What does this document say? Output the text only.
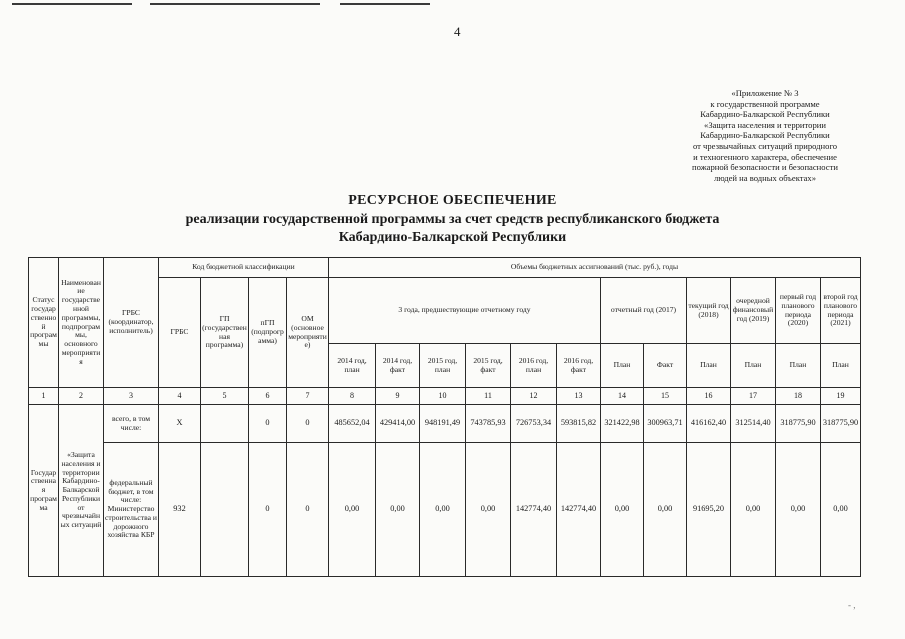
4
«Приложение № 3
к государственной программе
Кабардино-Балкарской Республики
«Защита населения и территории
Кабардино-Балкарской Республики
от чрезвычайных ситуаций природного
и техногенного характера, обеспечение
пожарной безопасности и безопасности
людей на водных объектах»
РЕСУРСНОЕ ОБЕСПЕЧЕНИЕ
реализации государственной программы за счет средств республиканского бюджета
Кабардино-Балкарской Республики
Статус государственной программы	Наименование государственной программы, подпрограммы, основного мероприятия	ГРБС (координатор, исполнитель)	Код бюджетной классификации				Объемы бюджетных ассигнований (тыс. руб.), годы											
			ГРБС	ГП (государственная программа)	пГП (подпрограмма)	ОМ (основное мероприятие)	3 года, предшествующие отчетному году						отчетный год (2017)		текущий год (2018)	очередной финансовый год (2019)	первый год планового периода (2020)	второй год планового периода (2021)
							2014 год, план	2014 год, факт	2015 год, план	2015 год, факт	2016 год, план	2016 год, факт	План	Факт	План	План	План	План
1	2	3	4	5	6	7	8	9	10	11	12	13	14	15	16	17	18	19
Государственная программа	«Защита населения и территории Кабардино-Балкарской Республики от чрезвычайных ситуаций	всего, в том числе:	Х		0	0	485652,04	429414,00	948191,49	743785,93	726753,34	593815,82	321422,98	300963,71	416162,40	312514,40	318775,90	318775,90
		федеральный бюджет, в том числе: Министерство строительства и дорожного хозяйства КБР	932		0	0	0,00	0,00	0,00	0,00	142774,40	142774,40	0,00	0,00	91695,20	0,00	0,00	0,00
- ,
